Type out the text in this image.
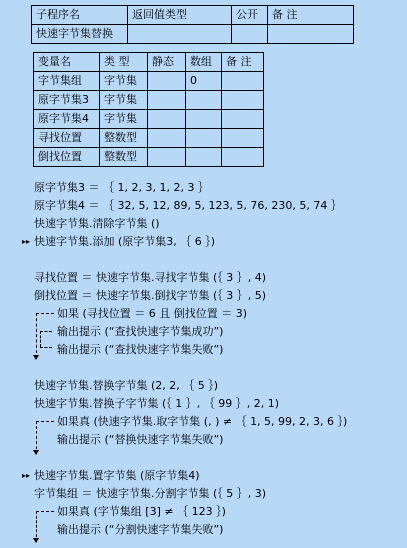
子程序名	返回值类型	公开	备 注
快速字节集替换			
变量名	类 型	静态	数组	备 注
字节集组	字节集		0	
原字节集3	字节集			
原字节集4	字节集			
寻找位置	整数型			
倒找位置	整数型			
原字节集3 ＝ ｛ 1, 2, 3, 1, 2, 3 ｝
原字节集4 ＝ ｛ 32, 5, 12, 89, 5, 123, 5, 76, 230, 5, 74 ｝
快速字节集.清除字节集 ()
▸▸ 快速字节集.添加 (原字节集3, ｛ 6 ｝)
寻找位置 ＝ 快速字节集.寻找字节集 (｛ 3 ｝, 4)
倒找位置 ＝ 快速字节集.倒找字节集 (｛ 3 ｝, 5)
如果 (寻找位置 ＝ 6 且 倒找位置 ＝ 3)
输出提示 (“查找快速字节集成功”)
输出提示 (“查找快速字节集失败”)
快速字节集.替换字节集 (2, 2, ｛ 5 ｝)
快速字节集.替换子字节集 (｛ 1 ｝, ｛ 99 ｝, 2, 1)
如果真 (快速字节集.取字节集 (, ) ≠ ｛ 1, 5, 99, 2, 3, 6 ｝)
输出提示 (“替换快速字节集失败”)
▸▸ 快速字节集.置字节集 (原字节集4)
字节集组 ＝ 快速字节集.分割字节集 (｛ 5 ｝, 3)
如果真 (字节集组 [3] ≠ ｛ 123 ｝)
输出提示 (“分割快速字节集失败”)
